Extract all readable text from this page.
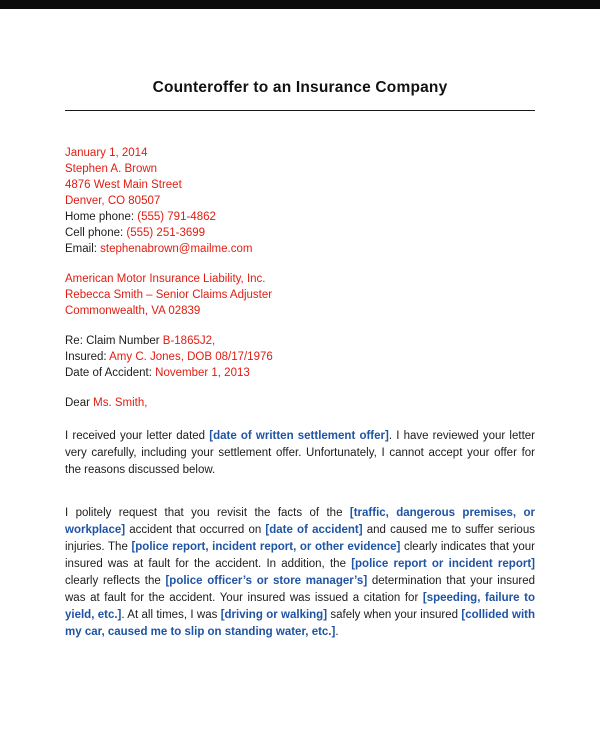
Counteroffer to an Insurance Company
January 1, 2014
Stephen A. Brown
4876 West Main Street
Denver, CO 80507
Home phone: (555) 791-4862
Cell phone: (555) 251-3699
Email: stephenabrown@mailme.com
American Motor Insurance Liability, Inc.
Rebecca Smith – Senior Claims Adjuster
Commonwealth, VA 02839
Re: Claim Number B-1865J2,
Insured: Amy C. Jones, DOB 08/17/1976
Date of Accident: November 1, 2013
Dear Ms. Smith,

I received your letter dated [date of written settlement offer]. I have reviewed your letter very carefully, including your settlement offer. Unfortunately, I cannot accept your offer for the reasons discussed below.

I politely request that you revisit the facts of the [traffic, dangerous premises, or workplace] accident that occurred on [date of accident] and caused me to suffer serious injuries. The [police report, incident report, or other evidence] clearly indicates that your insured was at fault for the accident. In addition, the [police report or incident report] clearly reflects the [police officer’s or store manager’s] determination that your insured was at fault for the accident. Your insured was issued a citation for [speeding, failure to yield, etc.]. At all times, I was [driving or walking] safely when your insured [collided with my car, caused me to slip on standing water, etc.].
